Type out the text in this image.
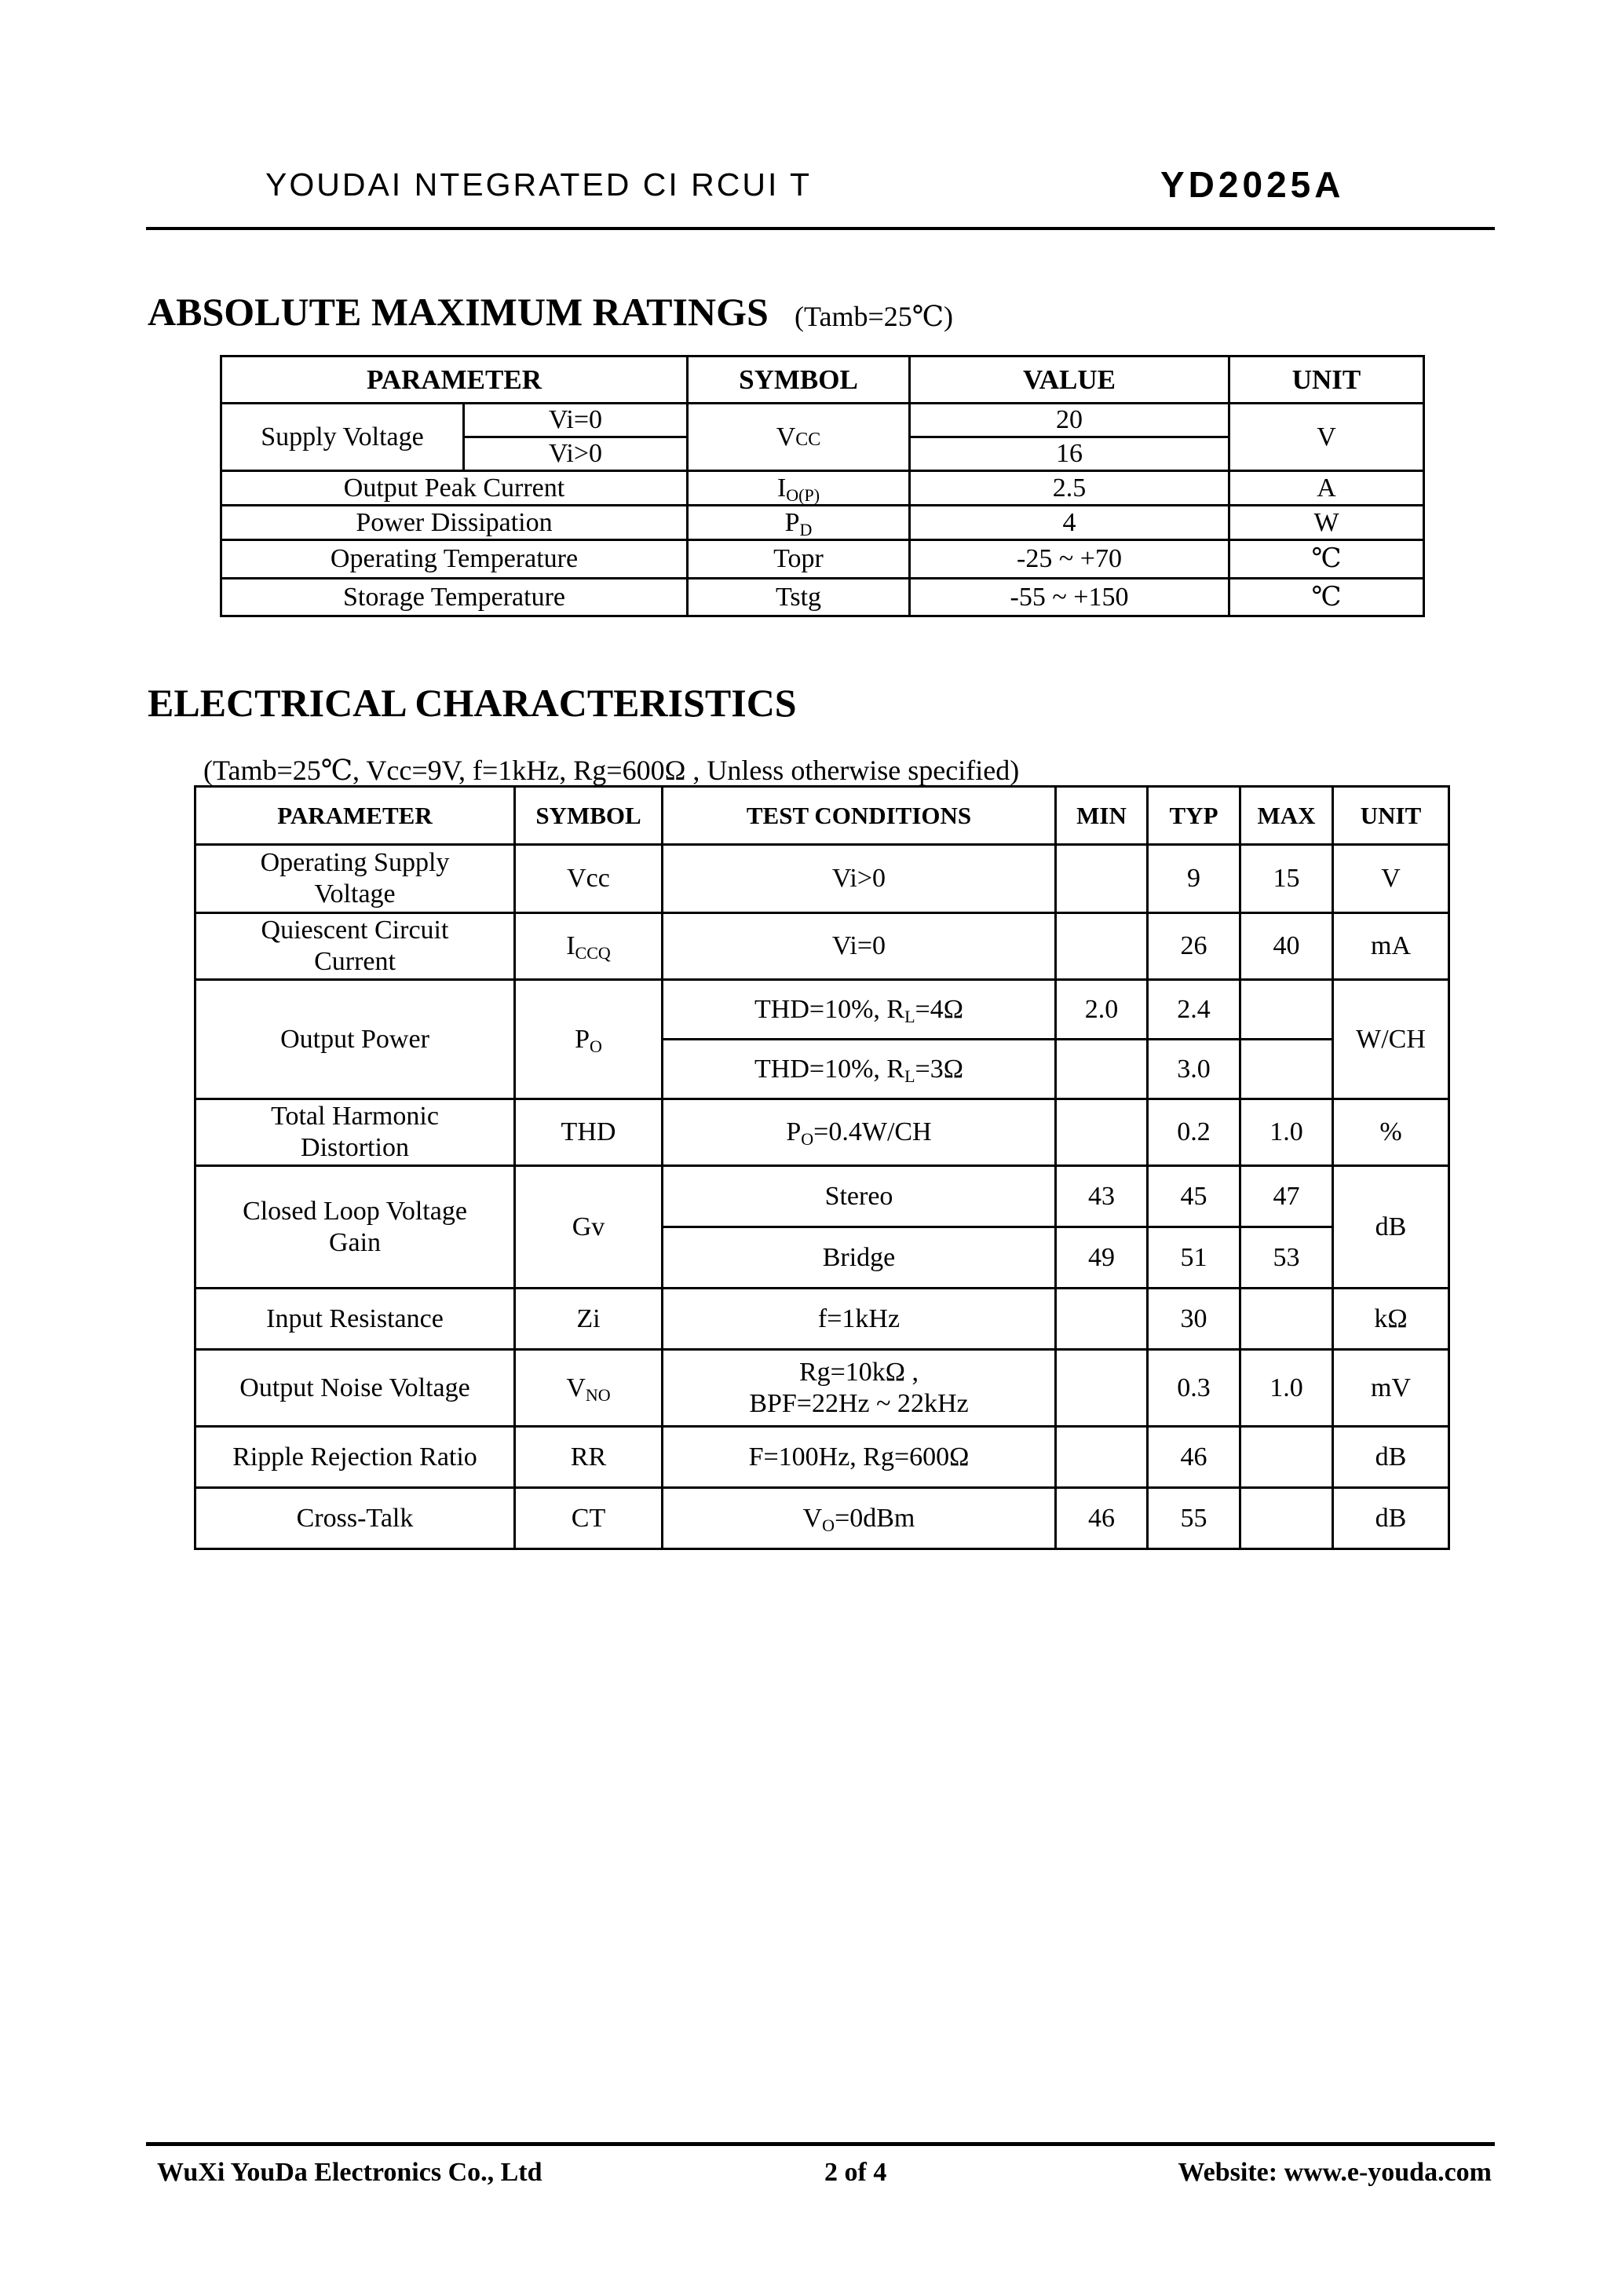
YOUDAI NTEGRATED CI RCUI T	YD2025A
ABSOLUTE MAXIMUM RATINGS (Tamb=25℃)
PARAMETER		SYMBOL	VALUE	UNIT
Supply Voltage	Vi=0	Vcc	20	V
	Vi>0		16	
Output Peak Current		$I_{O(P)}$	2.5	A
Power Dissipation		$P_D$	4	W
Operating Temperature		Topr	-25 ~ +70	℃
Storage Temperature		Tstg	-55 ~ +150	℃
ELECTRICAL CHARACTERISTICS
(Tamb=25℃, Vcc=9V, f=1kHz, Rg=600Ω , Unless otherwise specified)
PARAMETER	SYMBOL	TEST CONDITIONS	MIN	TYP	MAX	UNIT
Operating Supply
Voltage	Vcc	Vi>0		9	15	V
Quiescent Circuit
Current	$I_{CCQ}$	Vi=0		26	40	mA
Output Power	$P_O$	THD=10%, $R_L=4\Omega$	2.0	2.4		W/CH
		THD=10%, $R_L=3\Omega$		3.0		
Total Harmonic
Distortion	THD	$P_O=0.4W/CH$		0.2	1.0	%
Closed Loop Voltage
Gain	Gv	Stereo	43	45	47	dB
		Bridge	49	51	53	
Input Resistance	Zi	f=1kHz		30		kΩ
Output Noise Voltage	$V_{NO}$	Rg=10kΩ ,
BPF=22Hz ~ 22kHz		0.3	1.0	mV
Ripple Rejection Ratio	RR	F=100Hz, Rg=600Ω		46		dB
Cross-Talk	CT	$V_O=0dBm$	46	55		dB
WuXi YouDa Electronics Co., Ltd	2 of 4	Website: www.e-youda.com
